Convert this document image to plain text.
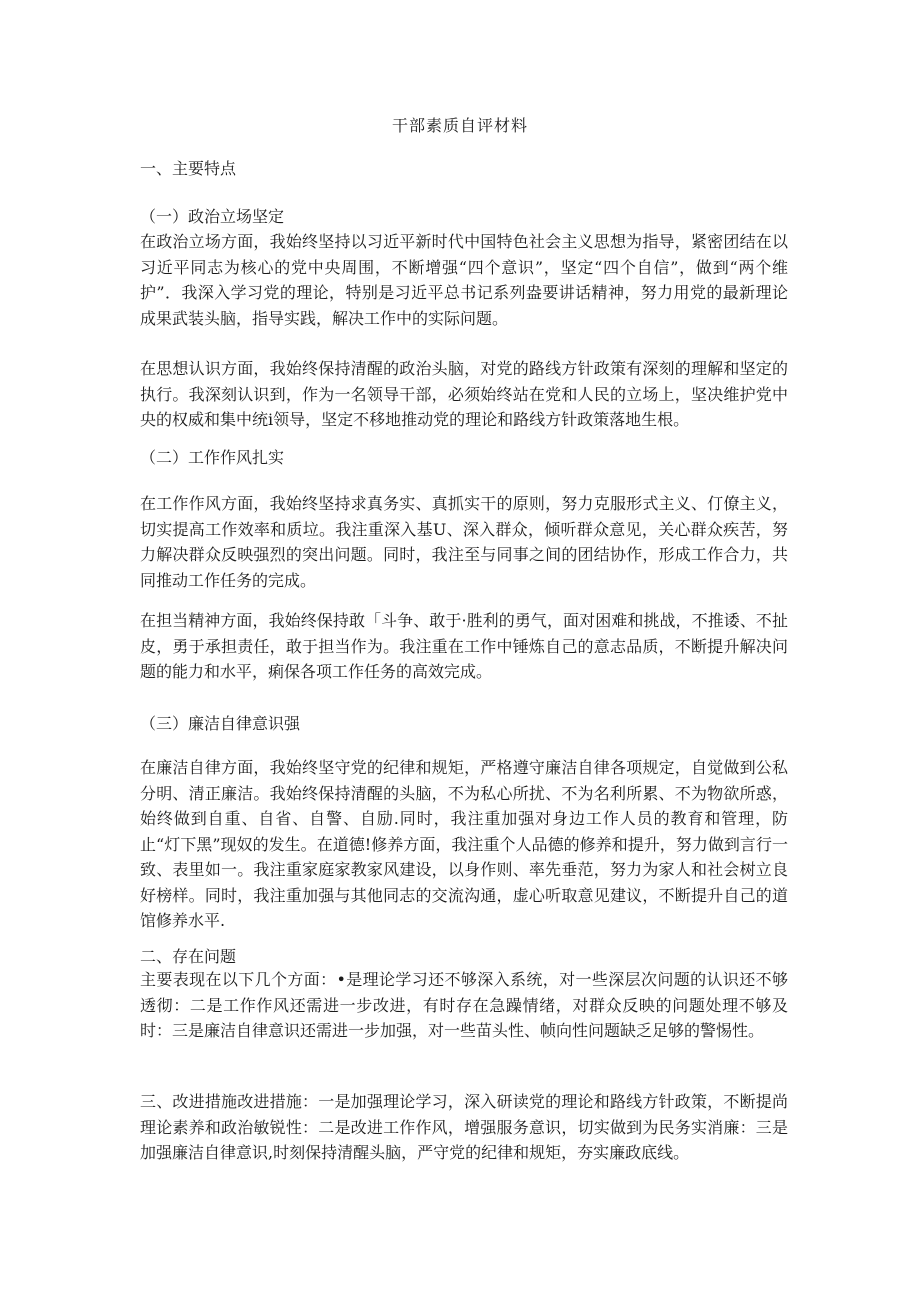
干部素质自评材料
一、主要特点
（一）政治立场坚定
在政治立场方面，我始终坚持以习近平新时代中国特色社会主义思想为指导，紧密团结在以习近平同志为核心的党中央周围，不断增强“四个意识”，坚定“四个自信”，做到“两个维护”．我深入学习党的理论，特别是习近平总书记系列盎要讲话精神，努力用党的最新理论成果武装头脑，指导实践，解决工作中的实际问题。
在思想认识方面，我始终保持清醒的政治头脑，对党的路线方针政策有深刻的理解和坚定的执行。我深刻认识到，作为一名领导干部，必须始终站在党和人民的立场上，坚决维护党中央的权威和集中统i领导，坚定不移地推动党的理论和路线方针政策落地生根。
（二）工作作风扎实
在工作作风方面，我始终坚持求真务实、真抓实干的原则，努力克服形式主义、仃僚主义，切实提高工作效率和质垃。我注重深入基U、深入群众，倾听群众意见，关心群众疾苦，努力解决群众反映强烈的突出问题。同时，我注至与同事之间的团结协作，形成工作合力，共同推动工作任务的完成。
在担当精神方面，我始终保持敢「斗争、敢于·胜利的勇气，面对困难和挑战，不推诿、不扯皮，勇于承担责任，敢于担当作为。我注重在工作中锤炼自己的意志品质，不断提升解决问题的能力和水平，痢保各项工作任务的高效完成。
（三）廉洁自律意识强
在廉洁自律方面，我始终坚守党的纪律和规矩，严格遵守廉洁自律各项规定，自觉做到公私分明、清正廉洁。我始终保持清醒的头脑，不为私心所扰、不为名利所累、不为物欲所惑，始终做到自重、自省、自警、自励.同时，我注重加强对身边工作人员的教育和管理，防止“灯下黑”现奴的发生。在道德!修养方面，我注重个人品德的修养和提升，努力做到言行一致、表里如一。我注重家庭家教家风建设，以身作则、率先垂范，努力为家人和社会树立良好榜样。同时，我注重加强与其他同志的交流沟通，虚心听取意见建议，不断提升自己的道馆修养水平.
二、存在问题
主要表现在以下几个方面：•是理论学习还不够深入系统，对一些深层次问题的认识还不够透彻：二是工作作风还需进一步改进，有时存在急躁情绪，对群众反映的问题处理不够及时：三是廉洁自律意识还需进一步加强，对一些苗头性、帧向性问题缺乏足够的警惕性。
三、改进措施改进措施：一是加强理论学习，深入研读党的理论和路线方针政策，不断提尚理论素养和政治敏锐性：二是改进工作作风，增强服务意识，切实做到为民务实消廉：三是加强廉洁自律意识,时刻保持清醒头脑，严守党的纪律和规矩，夯实廉政底线。
